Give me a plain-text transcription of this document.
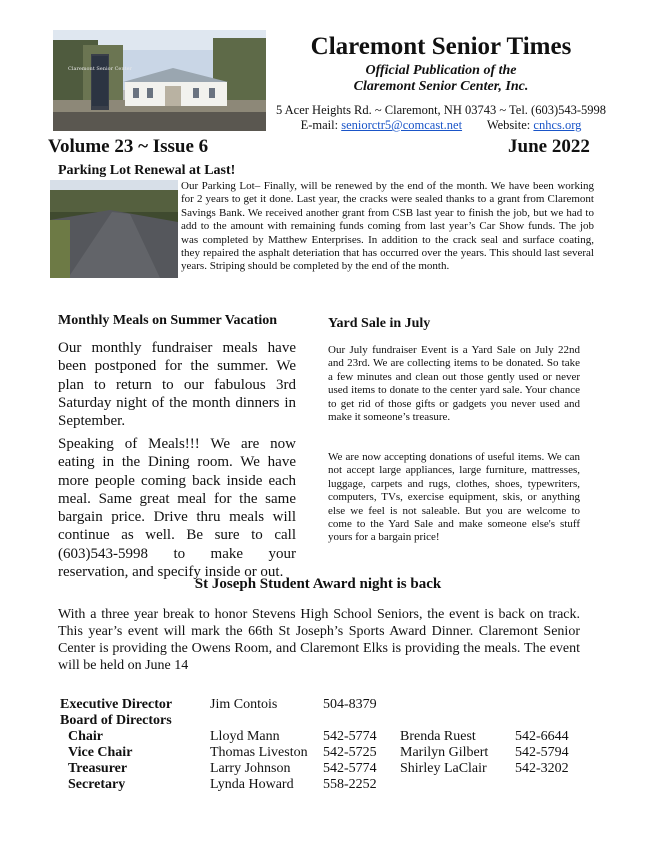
Claremont Senior Center
Claremont Senior Times
Official Publication of the
Claremont Senior Center, Inc.
5 Acer Heights Rd. ~ Claremont, NH 03743 ~ Tel. (603)543-5998
E-mail: seniorctr5@comcast.net Website: cnhcs.org
Volume 23 ~ Issue 6	June 2022
Parking Lot Renewal at Last!
Our Parking Lot– Finally, will be renewed by the end of the month. We have been working for 2 years to get it done. Last year, the cracks were sealed thanks to a grant from Claremont Savings Bank. We received another grant from CSB last year to finish the job, but we had to add to the amount with remaining funds coming from last year’s Car Show funds. The job was completed by Matthew Enterprises. In addition to the crack seal and surface coating, they repaired the asphalt deteriation that has occurred over the years. This should last several years. Striping should be completed by the end of the month.
Monthly Meals on Summer Vacation
Our monthly fundraiser meals have been postponed for the summer. We plan to return to our fabulous 3rd Saturday night of the month dinners in September.
Speaking of Meals!!! We are now eating in the Dining room. We have more people coming back inside each meal. Same great meal for the same bargain price. Drive thru meals will continue as well. Be sure to call (603)543-5998 to make your reservation, and specify inside or out.
Yard Sale in July
Our July fundraiser Event is a Yard Sale on July 22nd and 23rd. We are collecting items to be donated. So take a few minutes and clean out those gently used or never used items to donate to the center yard sale. Your chance to get rid of those gifts or gadgets you never used and make it someone’s treasure.
We are now accepting donations of useful items. We can not accept large appliances, large furniture, mattresses, luggage, carpets and rugs, clothes, shoes, typewriters, computers, TVs, exercise equipment, skis, or anything else we feel is not saleable. But you are welcome to come to the Yard Sale and make someone else's stuff yours for a bargain price!
St Joseph Student Award night is back
With a three year break to honor Stevens High School Seniors, the event is back on track. This year’s event will mark the 66th St Joseph’s Sports Award Dinner. Claremont Senior Center is providing the Owens Room, and Claremont Elks is providing the meals. The event will be held on June 14
Executive Director	Jim Contois	504-8379		
Board of Directors				
Chair	Lloyd Mann	542-5774	Brenda Ruest	542-6644
Vice Chair	Thomas Liveston	542-5725	Marilyn Gilbert	542-5794
Treasurer	Larry Johnson	542-5774	Shirley LaClair	542-3202
Secretary	Lynda Howard	558-2252		
